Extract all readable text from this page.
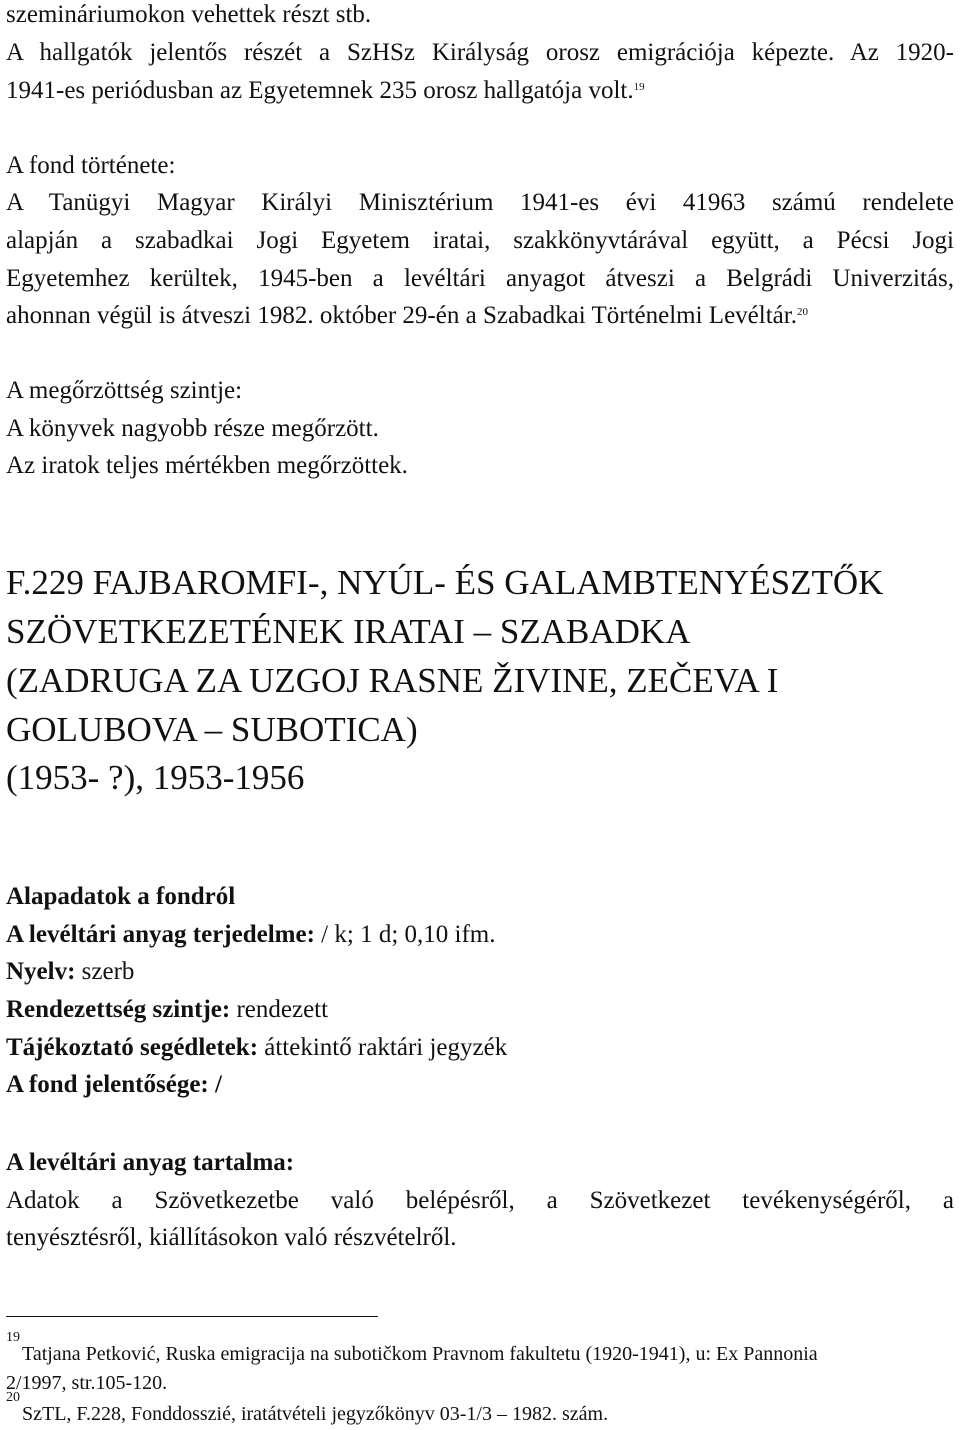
szemináriumokon vehettek részt stb.
A hallgatók jelentős részét a SzHSz Királyság orosz emigrációja képezte. Az 1920-
1941-es periódusban az Egyetemnek 235 orosz hallgatója volt.$^{19}$
A fond története:
A Tanügyi Magyar Királyi Minisztérium 1941-es évi 41963 számú rendelete
alapján a szabadkai Jogi Egyetem iratai, szakkönyvtárával együtt, a Pécsi Jogi
Egyetemhez kerültek, 1945-ben a levéltári anyagot átveszi a Belgrádi Univerzitás,
ahonnan végül is átveszi 1982. október 29-én a Szabadkai Történelmi Levéltár.$^{20}$
A megőrzöttség szintje:
A könyvek nagyobb része megőrzött.
Az iratok teljes mértékben megőrzöttek.
F.229 FAJBAROMFI-, NYÚL- ÉS GALAMBTENYÉSZTŐK
SZÖVETKEZETÉNEK IRATAI – SZABADKA
(ZADRUGA ZA UZGOJ RASNE ŽIVINE, ZEČEVA I
GOLUBOVA – SUBOTICA)
(1953- ?), 1953-1956
Alapadatok a fondról
A levéltári anyag terjedelme: / k; 1 d; 0,10 ifm.
Nyelv: szerb
Rendezettség szintje: rendezett
Tájékoztató segédletek: áttekintő raktári jegyzék
A fond jelentősége: /
A levéltári anyag tartalma:
Adatok a Szövetkezetbe való belépésről, a Szövetkezet tevékenységéről, a
tenyésztésről, kiállításokon való részvételről.
19
Tatjana Petković, Ruska emigracija na subotičkom Pravnom fakultetu (1920-1941), u: Ex Pannonia
2/1997, str.105-120.
20
SzTL, F.228, Fonddosszié, iratátvételi jegyzőkönyv 03-1/3 – 1982. szám.
